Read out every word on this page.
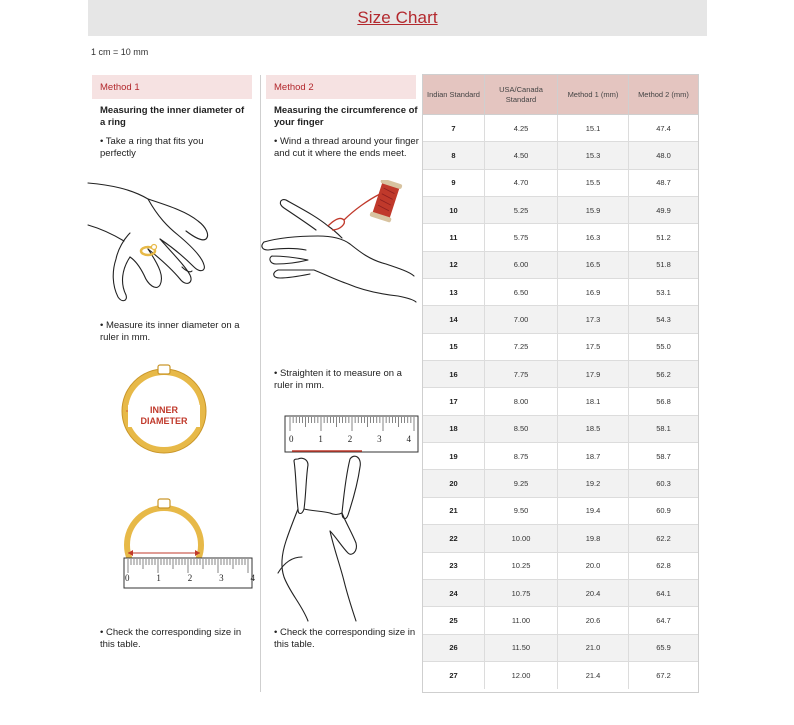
Size Chart
1 cm = 10 mm
Method 1
Measuring the inner diameter of a ring
• Take a ring that fits you perfectly
• Measure its inner diameter on a ruler in mm.
INNER
DIAMETER
0	1	2	3	4
• Check the corresponding size in this table.
Method 2
Measuring the circumference of your finger
• Wind a thread around your finger and cut it where the ends meet.
• Straighten it to measure on a ruler in mm.
0	1	2	3	4
• Check the corresponding size in this table.
Indian Standard
USA/Canada Standard
Method 1 (mm)	Method 2 (mm)
7	4.25	15.1	47.4
8	4.50	15.3	48.0
9	4.70	15.5	48.7
10	5.25	15.9	49.9
11	5.75	16.3	51.2
12	6.00	16.5	51.8
13	6.50	16.9	53.1
14	7.00	17.3	54.3
15	7.25	17.5	55.0
16	7.75	17.9	56.2
17	8.00	18.1	56.8
18	8.50	18.5	58.1
19	8.75	18.7	58.7
20	9.25	19.2	60.3
21	9.50	19.4	60.9
22	10.00	19.8	62.2
23	10.25	20.0	62.8
24	10.75	20.4	64.1
25	11.00	20.6	64.7
26	11.50	21.0	65.9
27	12.00	21.4	67.2
